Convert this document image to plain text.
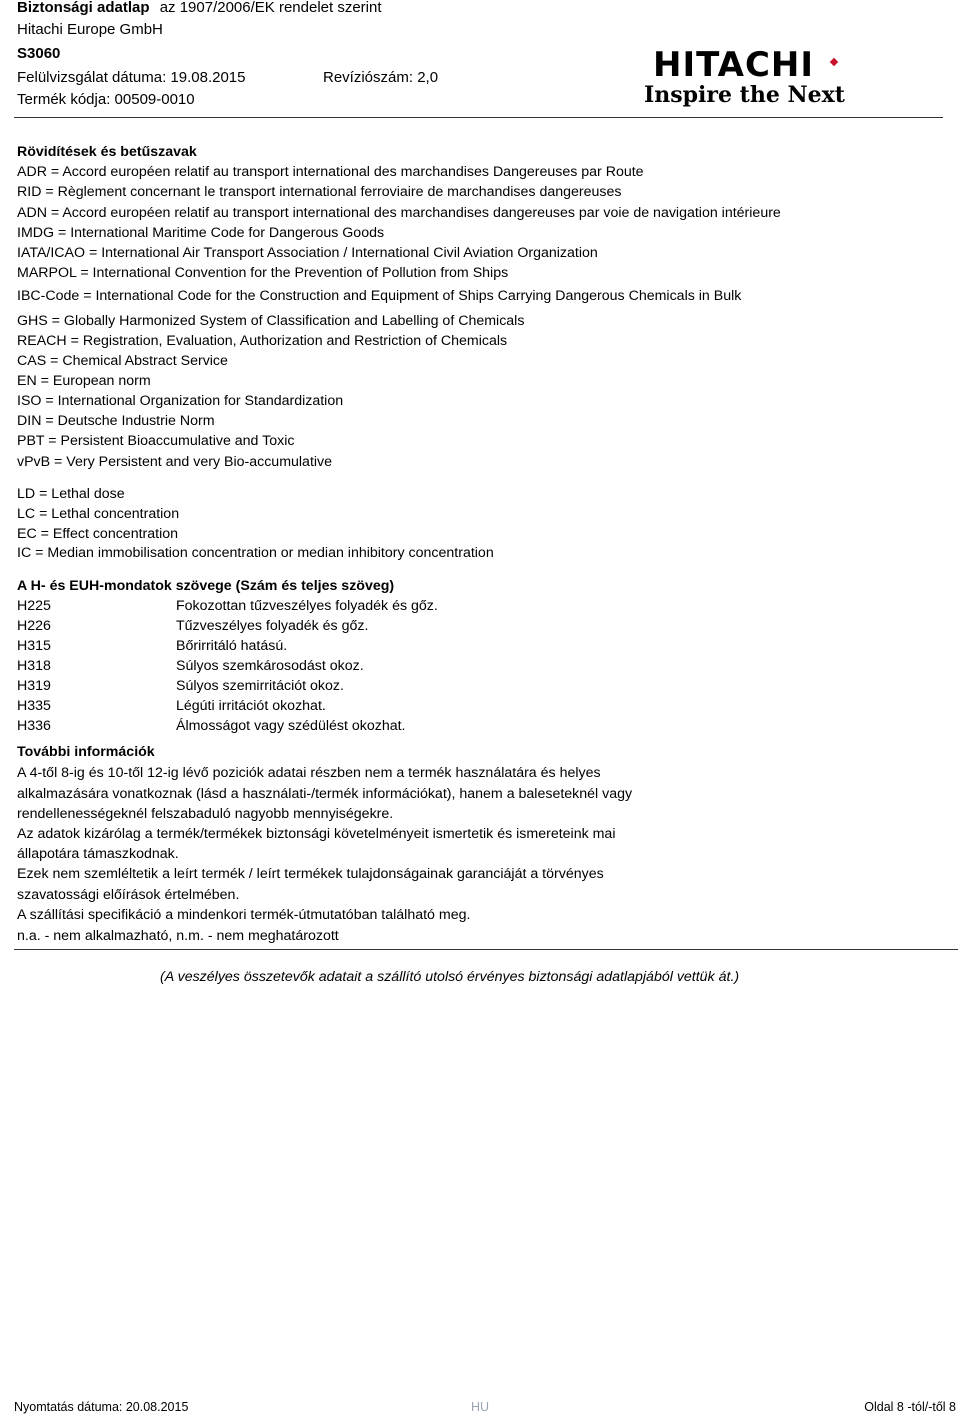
Biztonsági adatlap az 1907/2006/EK rendelet szerint
Hitachi Europe GmbH
S3060
Felülvizsgálat dátuma: 19.08.2015	Revíziószám: 2,0
Termék kódja: 00509-0010
HITACHI
Inspire the Next
Rövidítések és betűszavak
ADR = Accord européen relatif au transport international des marchandises Dangereuses par Route
RID = Règlement concernant le transport international ferroviaire de marchandises dangereuses
ADN = Accord européen relatif au transport international des marchandises dangereuses par voie de navigation intérieure
IMDG = International Maritime Code for Dangerous Goods
IATA/ICAO = International Air Transport Association / International Civil Aviation Organization
MARPOL = International Convention for the Prevention of Pollution from Ships
IBC-Code = International Code for the Construction and Equipment of Ships Carrying Dangerous Chemicals in Bulk
GHS = Globally Harmonized System of Classification and Labelling of Chemicals
REACH = Registration, Evaluation, Authorization and Restriction of Chemicals
CAS = Chemical Abstract Service
EN = European norm
ISO = International Organization for Standardization
DIN = Deutsche Industrie Norm
PBT = Persistent Bioaccumulative and Toxic
vPvB = Very Persistent and very Bio-accumulative
LD = Lethal dose
LC = Lethal concentration
EC = Effect concentration
IC = Median immobilisation concentration or median inhibitory concentration
A H- és EUH-mondatok szövege (Szám és teljes szöveg)
H225	Fokozottan tűzveszélyes folyadék és gőz.
H226	Tűzveszélyes folyadék és gőz.
H315	Bőrirritáló hatású.
H318	Súlyos szemkárosodást okoz.
H319	Súlyos szemirritációt okoz.
H335	Légúti irritációt okozhat.
H336	Álmosságot vagy szédülést okozhat.
További információk
A 4-től 8-ig és 10-től 12-ig lévő poziciók adatai részben nem a termék használatára és helyes
alkalmazására vonatkoznak (lásd a használati-/termék információkat), hanem a baleseteknél vagy
rendellenességeknél felszabaduló nagyobb mennyiségekre.
Az adatok kizárólag a termék/termékek biztonsági követelményeit ismertetik és ismereteink mai
állapotára támaszkodnak.
Ezek nem szemléltetik a leírt termék / leírt termékek tulajdonságainak garanciáját a törvényes
szavatossági előírások értelmében.
A szállítási specifikáció a mindenkori termék-útmutatóban található meg.
n.a. - nem alkalmazható, n.m. - nem meghatározott
(A veszélyes összetevők adatait a szállító utolsó érvényes biztonsági adatlapjából vettük át.)
Nyomtatás dátuma: 20.08.2015	HU	Oldal 8 -tól/-től 8
